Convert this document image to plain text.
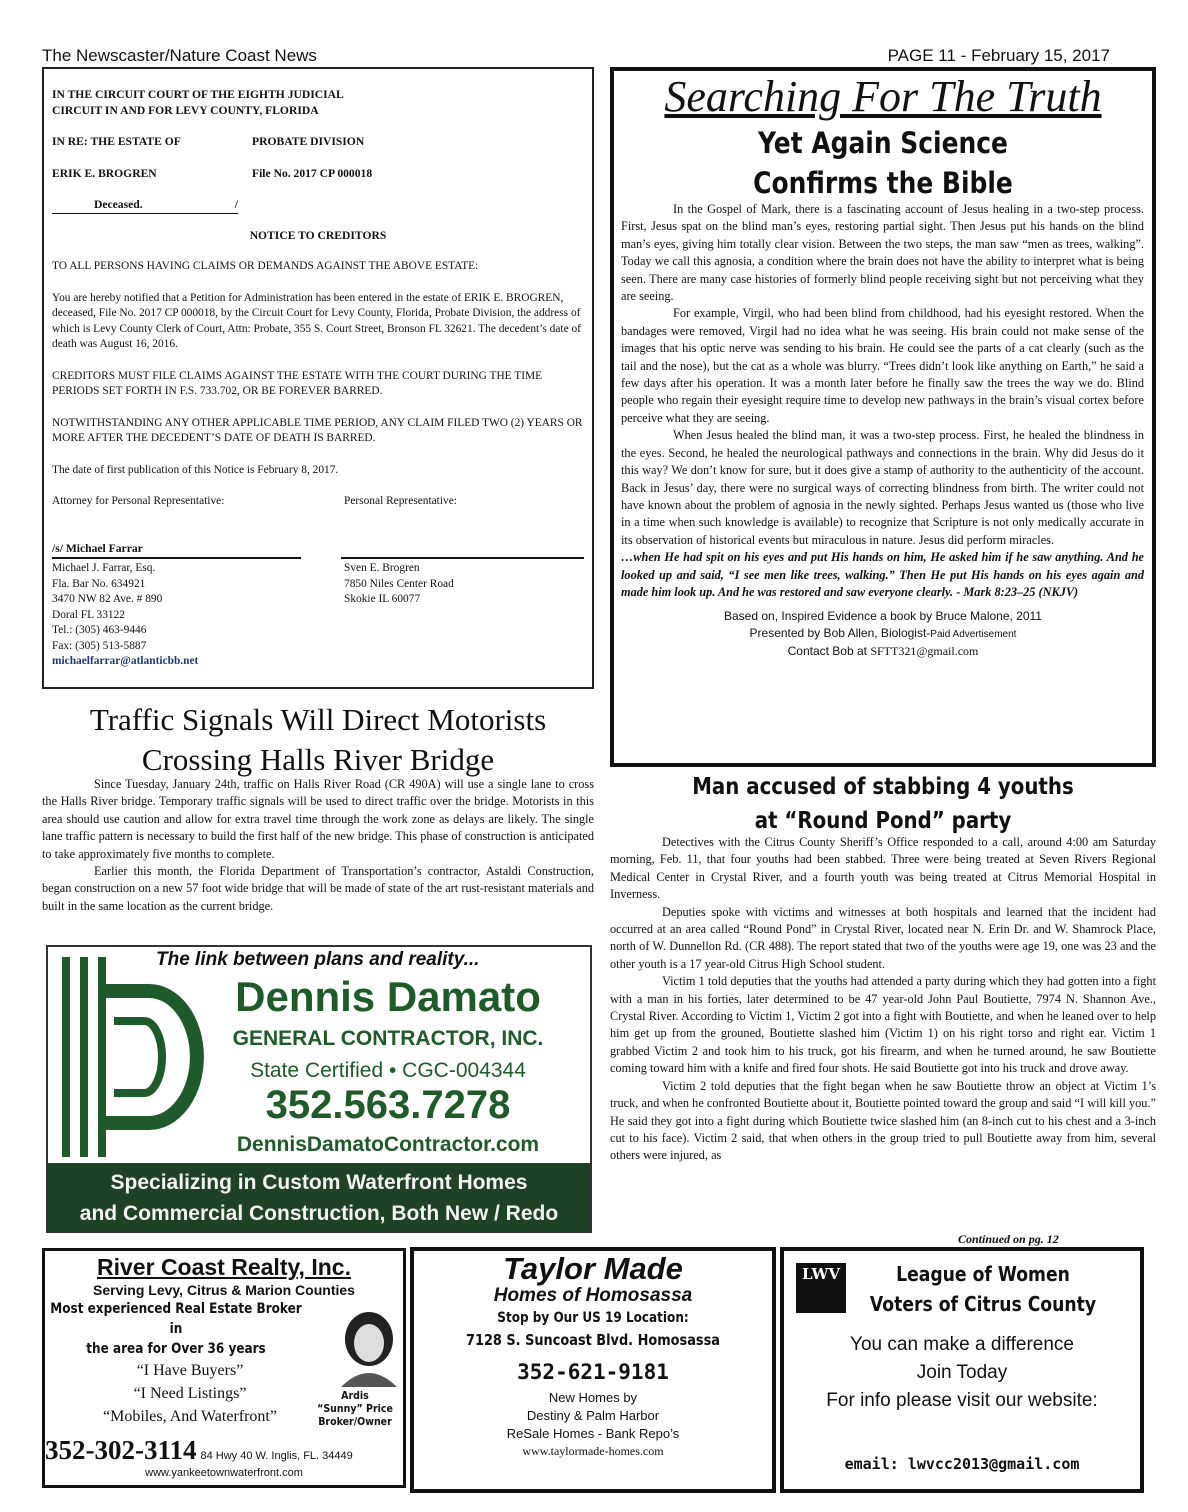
The Newscaster/Nature Coast News	PAGE 11 - February 15, 2017

IN THE CIRCUIT COURT OF THE EIGHTH JUDICIAL

CIRCUIT IN AND FOR LEVY COUNTY, FLORIDA

IN RE: THE ESTATE OF	PROBATE DIVISION
ERIK E. BROGREN	File No. 2017 CP 000018
Deceased.	/

NOTICE TO CREDITORS

TO ALL PERSONS HAVING CLAIMS OR DEMANDS AGAINST THE ABOVE ESTATE:

You are hereby notified that a Petition for Administration has been entered in the estate of ERIK E. BROGREN, deceased, File No. 2017 CP 000018, by the Circuit Court for Levy County, Florida, Probate Division, the address of which is Levy County Clerk of Court, Attn: Probate, 355 S. Court Street, Bronson FL 32621. The decedent’s date of death was August 16, 2016.

CREDITORS MUST FILE CLAIMS AGAINST THE ESTATE WITH THE COURT DURING THE TIME PERIODS SET FORTH IN F.S. 733.702, OR BE FOREVER BARRED.

NOTWITHSTANDING ANY OTHER APPLICABLE TIME PERIOD, ANY CLAIM FILED TWO (2) YEARS OR MORE AFTER THE DECEDENT’S DATE OF DEATH IS BARRED.

The date of first publication of this Notice is February 8, 2017.

Attorney for Personal Representative:	Personal Representative:
/s/ Michael Farrar
Michael J. Farrar, Esq.
Fla. Bar No. 634921
3470 NW 82 Ave. # 890
Doral FL 33122
Tel.: (305) 463-9446
Fax: (305) 513-5887
michaelfarrar@atlanticbb.net
Sven E. Brogren
7850 Niles Center Road
Skokie IL 60077
Searching For The Truth
Yet Again Science
Confirms the Bible

In the Gospel of Mark, there is a fascinating account of Jesus healing in a two-step process. First, Jesus spat on the blind man’s eyes, restoring partial sight. Then Jesus put his hands on the blind man’s eyes, giving him totally clear vision. Between the two steps, the man saw “men as trees, walking”. Today we call this agnosia, a condition where the brain does not have the ability to interpret what is being seen. There are many case histories of formerly blind people receiving sight but not perceiving what they are seeing.

For example, Virgil, who had been blind from childhood, had his eyesight restored. When the bandages were removed, Virgil had no idea what he was seeing. His brain could not make sense of the images that his optic nerve was sending to his brain. He could see the parts of a cat clearly (such as the tail and the nose), but the cat as a whole was blurry. “Trees didn’t look like anything on Earth,” he said a few days after his operation. It was a month later before he finally saw the trees the way we do. Blind people who regain their eyesight require time to develop new pathways in the brain’s visual cortex before perceive what they are seeing.

When Jesus healed the blind man, it was a two-step process. First, he healed the blindness in the eyes. Second, he healed the neurological pathways and connections in the brain. Why did Jesus do it this way? We don’t know for sure, but it does give a stamp of authority to the authenticity of the account. Back in Jesus’ day, there were no surgical ways of correcting blindness from birth. The writer could not have known about the problem of agnosia in the newly sighted. Perhaps Jesus wanted us (those who live in a time when such knowledge is available) to recognize that Scripture is not only medically accurate in its observation of historical events but miraculous in nature. Jesus did perform miracles.

…when He had spit on his eyes and put His hands on him, He asked him if he saw anything. And he looked up and said, “I see men like trees, walking.” Then He put His hands on his eyes again and made him look up. And he was restored and saw everyone clearly. - Mark 8:23–25 (NKJV)

Based on, Inspired Evidence a book by Bruce Malone, 2011
Presented by Bob Allen, Biologist-Paid Advertisement
Contact Bob at SFTT321@gmail.com
Traffic Signals Will Direct Motorists
Crossing Halls River Bridge

Since Tuesday, January 24th, traffic on Halls River Road (CR 490A) will use a single lane to cross the Halls River bridge. Temporary traffic signals will be used to direct traffic over the bridge. Motorists in this area should use caution and allow for extra travel time through the work zone as delays are likely. The single lane traffic pattern is necessary to build the first half of the new bridge. This phase of construction is anticipated to take approximately five months to complete.

Earlier this month, the Florida Department of Transportation’s contractor, Astaldi Construction, began construction on a new 57 foot wide bridge that will be made of state of the art rust-resistant materials and built in the same location as the current bridge.

The link between plans and reality...
Dennis Damato
GENERAL CONTRACTOR, INC.
State Certified • CGC-004344
352.563.7278
DennisDamatoContractor.com
Specializing in Custom Waterfront Homes
and Commercial Construction, Both New / Redo
Man accused of stabbing 4 youths
at “Round Pond” party

Detectives with the Citrus County Sheriff’s Office responded to a call, around 4:00 am Saturday morning, Feb. 11, that four youths had been stabbed. Three were being treated at Seven Rivers Regional Medical Center in Crystal River, and a fourth youth was being treated at Citrus Memorial Hospital in Inverness.

Deputies spoke with victims and witnesses at both hospitals and learned that the incident had occurred at an area called “Round Pond” in Crystal River, located near N. Erin Dr. and W. Shamrock Place, north of W. Dunnellon Rd. (CR 488). The report stated that two of the youths were age 19, one was 23 and the other youth is a 17 year-old Citrus High School student.

Victim 1 told deputies that the youths had attended a party during which they had gotten into a fight with a man in his forties, later determined to be 47 year-old John Paul Boutiette, 7974 N. Shannon Ave., Crystal River. According to Victim 1, Victim 2 got into a fight with Boutiette, and when he leaned over to help him get up from the grouned, Boutiette slashed him (Victim 1) on his right torso and right ear. Victim 1 grabbed Victim 2 and took him to his truck, got his firearm, and when he turned around, he saw Boutiette coming toward him with a knife and fired four shots. He said Boutiette got into his truck and drove away.

Victim 2 told deputies that the fight began when he saw Boutiette throw an object at Victim 1’s truck, and when he confronted Boutiette about it, Boutiette pointed toward the group and said “I will kill you.” He said they got into a fight during which Boutiette twice slashed him (an 8-inch cut to his chest and a 3-inch cut to his face). Victim 2 said, that when others in the group tried to pull Boutiette away from him, several others were injured, as

Continued on pg. 12
River Coast Realty, Inc.
Serving Levy, Citrus & Marion Counties
Most experienced Real Estate Broker in
the area for Over 36 years
“I Have Buyers”
“I Need Listings”
“Mobiles, And Waterfront”
Ardis
“Sunny” Price
Broker/Owner
352-302-3114 84 Hwy 40 W. Inglis, FL. 34449
www.yankeetownwaterfront.com
Taylor Made
Homes of Homosassa
Stop by Our US 19 Location:
7128 S. Suncoast Blvd. Homosassa
352-621-9181
New Homes by
Destiny & Palm Harbor
ReSale Homes - Bank Repo’s
www.taylormade-homes.com
LWV	League of Women
Voters of Citrus County
You can make a difference
Join Today
For info please visit our website:
email: lwvcc2013@gmail.com
